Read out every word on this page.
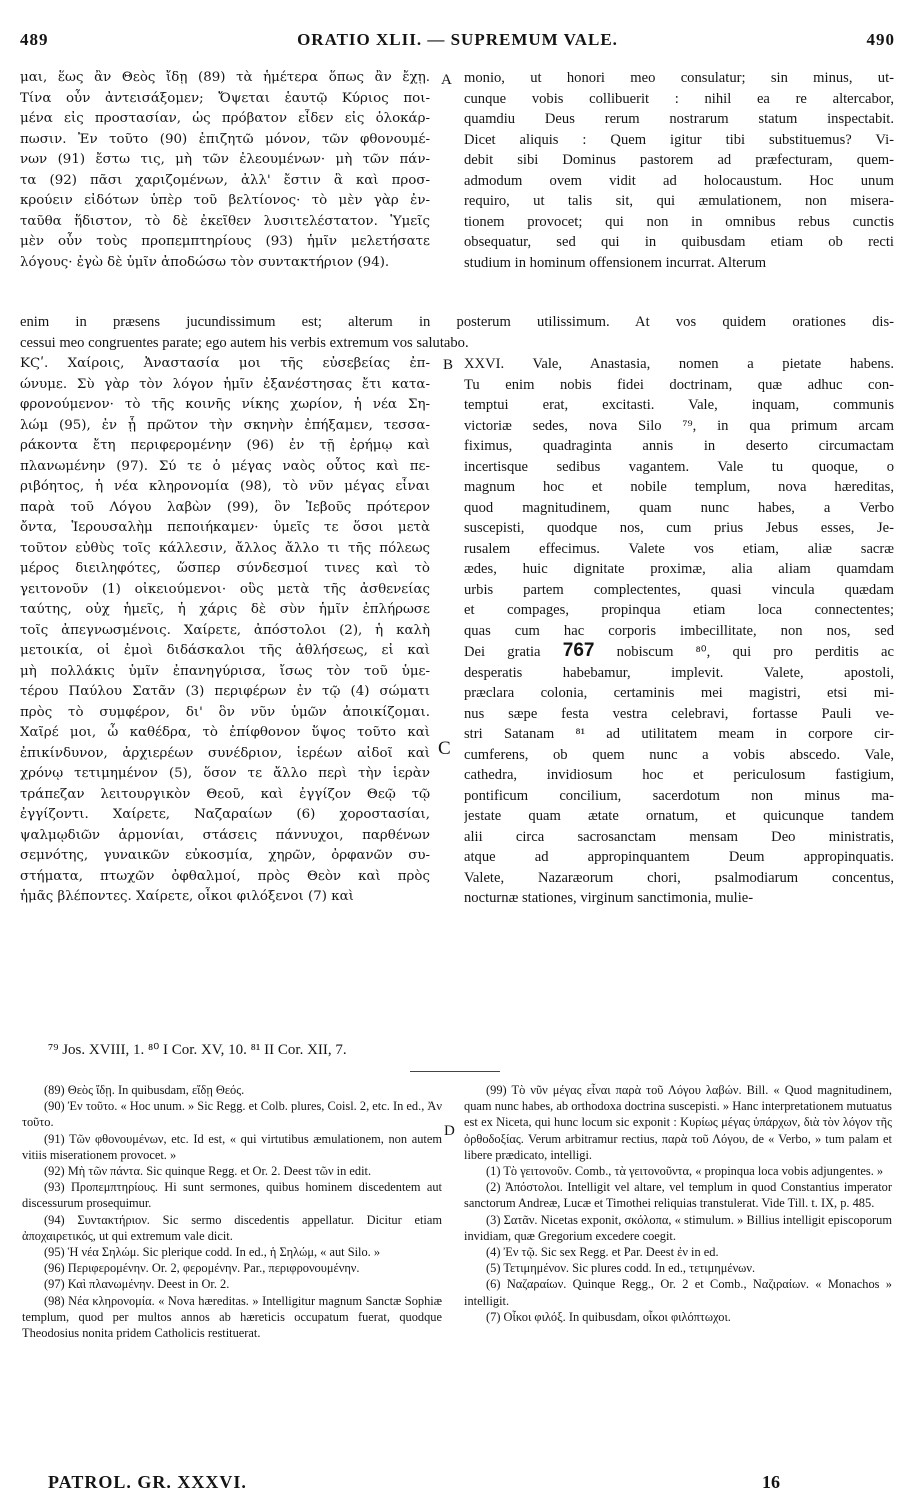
489	ORATIO XLII. — SUPREMUM VALE.	490
A
B
C
D
μαι, ἕως ἂν Θεὸς ἴδῃ (89) τὰ ἡμέτερα ὅπως ἂν ἔχῃ.
Τίνα οὖν ἀντεισάξομεν; Ὄψεται ἑαυτῷ Κύριος ποι-
μένα εἰς προστασίαν, ὡς πρόβατον εἶδεν εἰς ὁλοκάρ-
πωσιν. Ἐν τοῦτο (90) ἐπιζητῶ μόνον, τῶν φθονουμέ-
νων (91) ἔστω τις, μὴ τῶν ἐλεουμένων· μὴ τῶν πάν-
τα (92) πᾶσι χαριζομένων, ἀλλ' ἔστιν ἃ καὶ προσ-
κρούειν εἰδότων ὑπὲρ τοῦ βελτίονος· τὸ μὲν γὰρ ἐν-
ταῦθα ἥδιστον, τὸ δὲ ἐκεῖθεν λυσιτελέστατον. Ὑμεῖς
μὲν οὖν τοὺς προπεμπτηρίους (93) ἡμῖν μελετήσατε
λόγους· ἐγὼ δὲ ὑμῖν ἀποδώσω τὸν συντακτήριον (94).
monio, ut honori meo consulatur; sin minus, ut-
cunque vobis collibuerit : nihil ea re altercabor,
quamdiu Deus rerum nostrarum statum inspectabit.
Dicet aliquis : Quem igitur tibi substituemus? Vi-
debit sibi Dominus pastorem ad præfecturam, quem-
admodum ovem vidit ad holocaustum. Hoc unum
requiro, ut talis sit, qui æmulationem, non misera-
tionem provocet; qui non in omnibus rebus cunctis
obsequatur, sed qui in quibusdam etiam ob recti
studium in hominum offensionem incurrat. Alterum
enim in præsens jucundissimum est; alterum in posterum utilissimum. At vos quidem orationes dis-
cessui meo congruentes parate; ego autem his verbis extremum vos salutabo.
ΚϚʹ. Χαίροις, Ἀναστασία μοι τῆς εὐσεβείας ἐπ-
ώνυμε. Σὺ γὰρ τὸν λόγον ἡμῖν ἐξανέστησας ἔτι κατα-
φρονούμενον· τὸ τῆς κοινῆς νίκης χωρίον, ἡ νέα Ση-
λώμ (95), ἐν ᾗ πρῶτον τὴν σκηνὴν ἐπήξαμεν, τεσσα-
ράκοντα ἔτη περιφερομένην (96) ἐν τῇ ἐρήμῳ καὶ
πλανωμένην (97). Σύ τε ὁ μέγας ναὸς οὗτος καὶ πε-
ριβόητος, ἡ νέα κληρονομία (98), τὸ νῦν μέγας εἶναι
παρὰ τοῦ Λόγου λαβὼν (99), ὃν Ἰεβοῦς πρότερον
ὄντα, Ἱερουσαλὴμ πεποιήκαμεν· ὑμεῖς τε ὅσοι μετὰ
τοῦτον εὐθὺς τοῖς κάλλεσιν, ἄλλος ἄλλο τι τῆς πόλεως
μέρος διειληφότες, ὥσπερ σύνδεσμοί τινες καὶ τὸ
γειτονοῦν (1) οἰκειούμενοι· οὓς μετὰ τῆς ἀσθενείας
ταύτης, οὐχ ἡμεῖς, ἡ χάρις δὲ σὺν ἡμῖν ἐπλήρωσε
τοῖς ἀπεγνωσμένοις. Χαίρετε, ἀπόστολοι (2), ἡ καλὴ
μετοικία, οἱ ἐμοὶ διδάσκαλοι τῆς ἀθλήσεως, εἰ καὶ
μὴ πολλάκις ὑμῖν ἐπανηγύρισα, ἴσως τὸν τοῦ ὑμε-
τέρου Παύλου Σατᾶν (3) περιφέρων ἐν τῷ (4) σώματι
πρὸς τὸ συμφέρον, δι' ὃν νῦν ὑμῶν ἀποικίζομαι.
Χαῖρέ μοι, ὦ καθέδρα, τὸ ἐπίφθονον ὕψος τοῦτο καὶ
ἐπικίνδυνον, ἀρχιερέων συνέδριον, ἱερέων αἰδοῖ καὶ
χρόνῳ τετιμημένον (5), ὅσον τε ἄλλο περὶ τὴν ἱερὰν
τράπεζαν λειτουργικὸν Θεοῦ, καὶ ἐγγίζον Θεῷ τῷ
ἐγγίζοντι. Χαίρετε, Ναζαραίων (6) χοροστασίαι,
ψαλμῳδιῶν ἁρμονίαι, στάσεις πάννυχοι, παρθένων
σεμνότης, γυναικῶν εὐκοσμία, χηρῶν, ὀρφανῶν συ-
στήματα, πτωχῶν ὀφθαλμοί, πρὸς Θεὸν καὶ πρὸς
ἡμᾶς βλέποντες. Χαίρετε, οἶκοι φιλόξενοι (7) καὶ
XXVI. Vale, Anastasia, nomen a pietate habens.
Tu enim nobis fidei doctrinam, quæ adhuc con-
temptui erat, excitasti. Vale, inquam, communis
victoriæ sedes, nova Silo ⁷⁹, in qua primum arcam
fiximus, quadraginta annis in deserto circumactam
incertisque sedibus vagantem. Vale tu quoque, o
magnum hoc et nobile templum, nova hæreditas,
quod magnitudinem, quam nunc habes, a Verbo
suscepisti, quodque nos, cum prius Jebus esses, Je-
rusalem effecimus. Valete vos etiam, aliæ sacræ
ædes, huic dignitate proximæ, alia aliam quamdam
urbis partem complectentes, quasi vincula quædam
et compages, propinqua etiam loca connectentes;
quas cum hac corporis imbecillitate, non nos, sed
Dei gratia 767 nobiscum ⁸⁰, qui pro perditis ac
desperatis habebamur, implevit. Valete, apostoli,
præclara colonia, certaminis mei magistri, etsi mi-
nus sæpe festa vestra celebravi, fortasse Pauli ve-
stri Satanam ⁸¹ ad utilitatem meam in corpore cir-
cumferens, ob quem nunc a vobis abscedo. Vale,
cathedra, invidiosum hoc et periculosum fastigium,
pontificum concilium, sacerdotum non minus ma-
jestate quam ætate ornatum, et quicunque tandem
alii circa sacrosanctam mensam Deo ministratis,
atque ad appropinquantem Deum appropinquatis.
Valete, Nazaræorum chori, psalmodiarum concentus,
nocturnæ stationes, virginum sanctimonia, mulie-
⁷⁹ Jos. XVIII, 1. ⁸⁰ I Cor. XV, 10. ⁸¹ II Cor. XII, 7.
(89) Θεὸς ἴδῃ. In quibusdam, εἴδῃ Θεός.
(90) Ἐν τοῦτο. « Hoc unum. » Sic Regg. et Colb. plures, Coisl. 2, etc. In ed., Ἀν τοῦτο.
(91) Τῶν φθονουμένων, etc. Id est, « qui virtutibus æmulationem, non autem vitiis miserationem provocet. »
(92) Μὴ τῶν πάντα. Sic quinque Regg. et Or. 2. Deest τῶν in edit.
(93) Προπεμπτηρίους. Hi sunt sermones, quibus hominem discedentem aut discessurum prosequimur.
(94) Συντακτήριον. Sic sermo discedentis appellatur. Dicitur etiam ἀποχαιρετικός, ut qui extremum vale dicit.
(95) Ἡ νέα Σηλώμ. Sic plerique codd. In ed., ἡ Σηλώμ, « aut Silo. »
(96) Περιφερομένην. Or. 2, φερομένην. Par., περιφρονουμένην.
(97) Καὶ πλανωμένην. Deest in Or. 2.
(98) Νέα κληρονομία. « Nova hæreditas. » Intelligitur magnum Sanctæ Sophiæ templum, quod per multos annos ab hæreticis occupatum fuerat, quodque Theodosius nonita pridem Catholicis restituerat.
(99) Τὸ νῦν μέγας εἶναι παρὰ τοῦ Λόγου λαβών. Bill. « Quod magnitudinem, quam nunc habes, ab orthodoxa doctrina suscepisti. » Hanc interpretationem mutuatus est ex Niceta, qui hunc locum sic exponit : Κυρίως μέγας ὑπάρχων, διὰ τὸν λόγον τῆς ὀρθοδοξίας. Verum arbitramur rectius, παρὰ τοῦ Λόγου, de « Verbo, » tum palam et libere prædicato, intelligi.
(1) Τὸ γειτονοῦν. Comb., τὰ γειτονοῦντα, « propinqua loca vobis adjungentes. »
(2) Ἀπόστολοι. Intelligit vel altare, vel templum in quod Constantius imperator sanctorum Andreæ, Lucæ et Timothei reliquias transtulerat. Vide Till. t. IX, p. 485.
(3) Σατᾶν. Nicetas exponit, σκόλοπα, « stimulum. » Billius intelligit episcoporum invidiam, quæ Gregorium excedere coegit.
(4) Ἐν τῷ. Sic sex Regg. et Par. Deest ἐν in ed.
(5) Τετιμημένον. Sic plures codd. In ed., τετιμημένων.
(6) Ναζαραίων. Quinque Regg., Or. 2 et Comb., Ναζιραίων. « Monachos » intelligit.
(7) Οἶκοι φιλόξ. In quibusdam, οἶκοι φιλόπτωχοι.
PATROL. GR. XXXVI.	16
